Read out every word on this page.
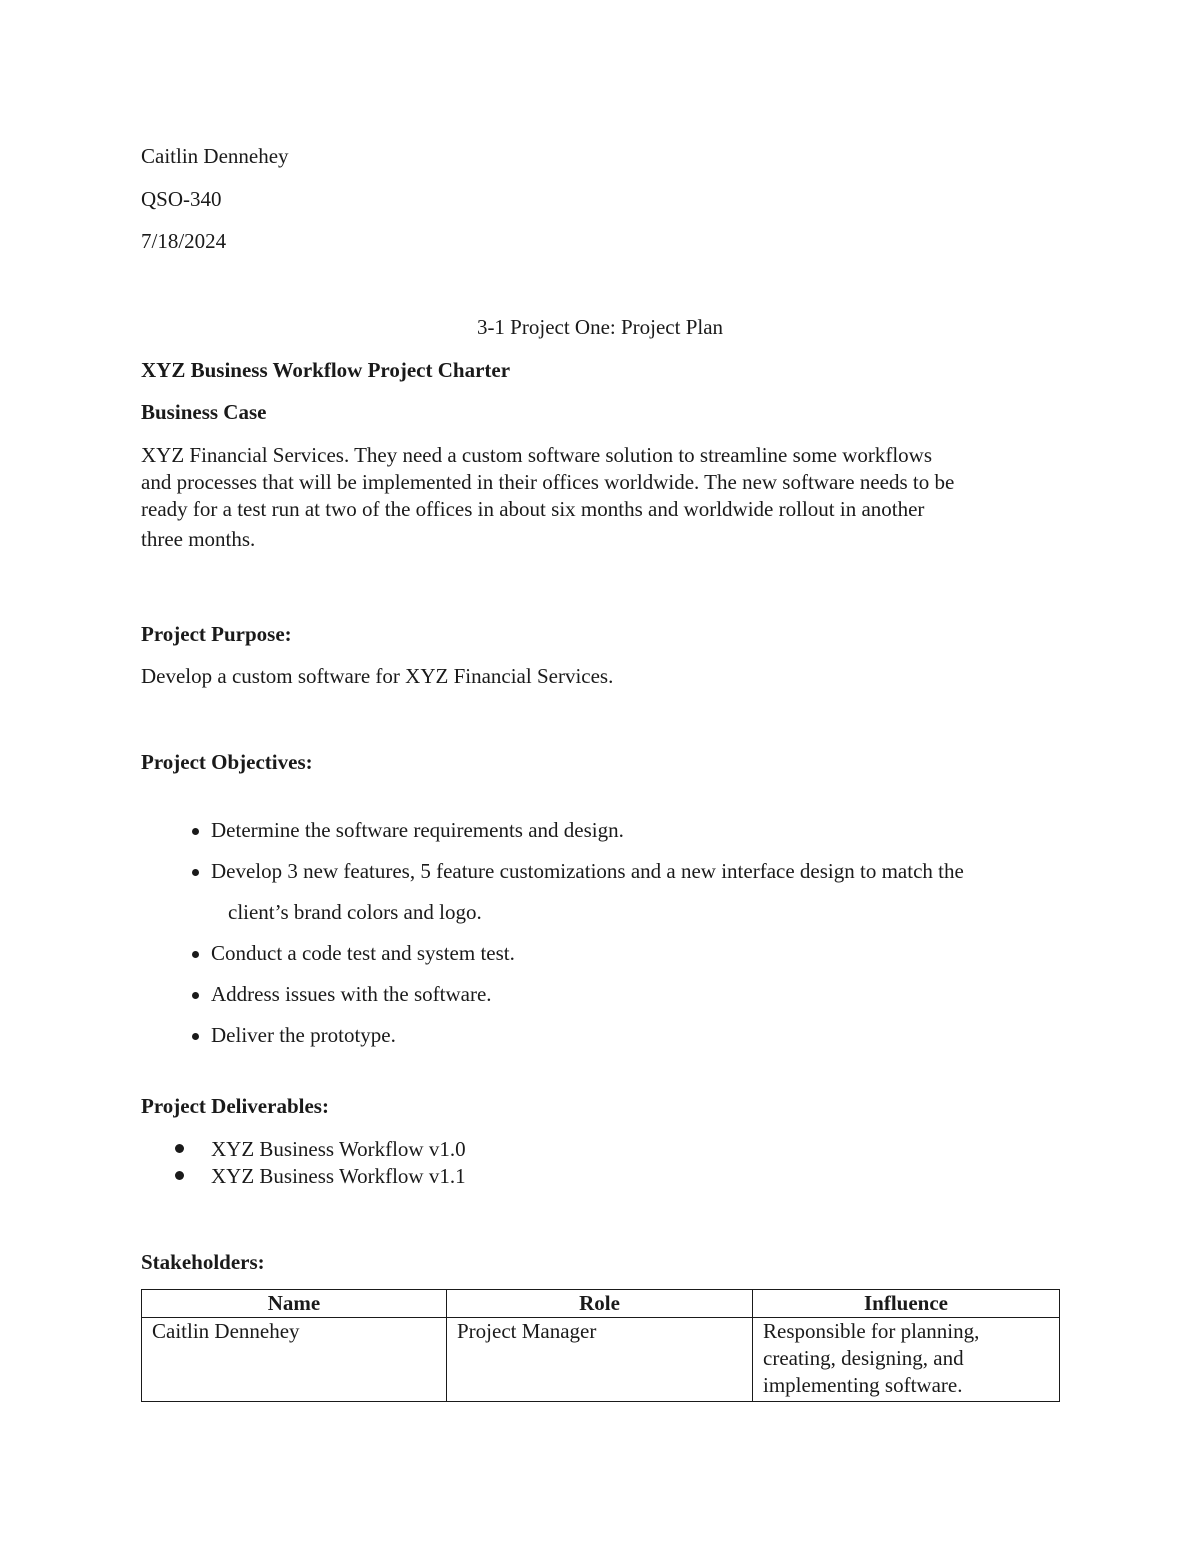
Caitlin Dennehey

QSO-340

7/18/2024

3-1 Project One: Project Plan

XYZ Business Workflow Project Charter

Business Case

XYZ Financial Services. They need a custom software solution to streamline some workflows
and processes that will be implemented in their offices worldwide. The new software needs to be
ready for a test run at two of the offices in about six months and worldwide rollout in another
three months.

Project Purpose:

Develop a custom software for XYZ Financial Services.

Project Objectives:

Determine the software requirements and design.
Develop 3 new features, 5 feature customizations and a new interface design to match the
client’s brand colors and logo.
Conduct a code test and system test.
Address issues with the software.
Deliver the prototype.

Project Deliverables:

XYZ Business Workflow v1.0
XYZ Business Workflow v1.1

Stakeholders:

Name	Role	Influence
Caitlin Dennehey	Project Manager	Responsible for planning, creating, designing, and implementing software.
